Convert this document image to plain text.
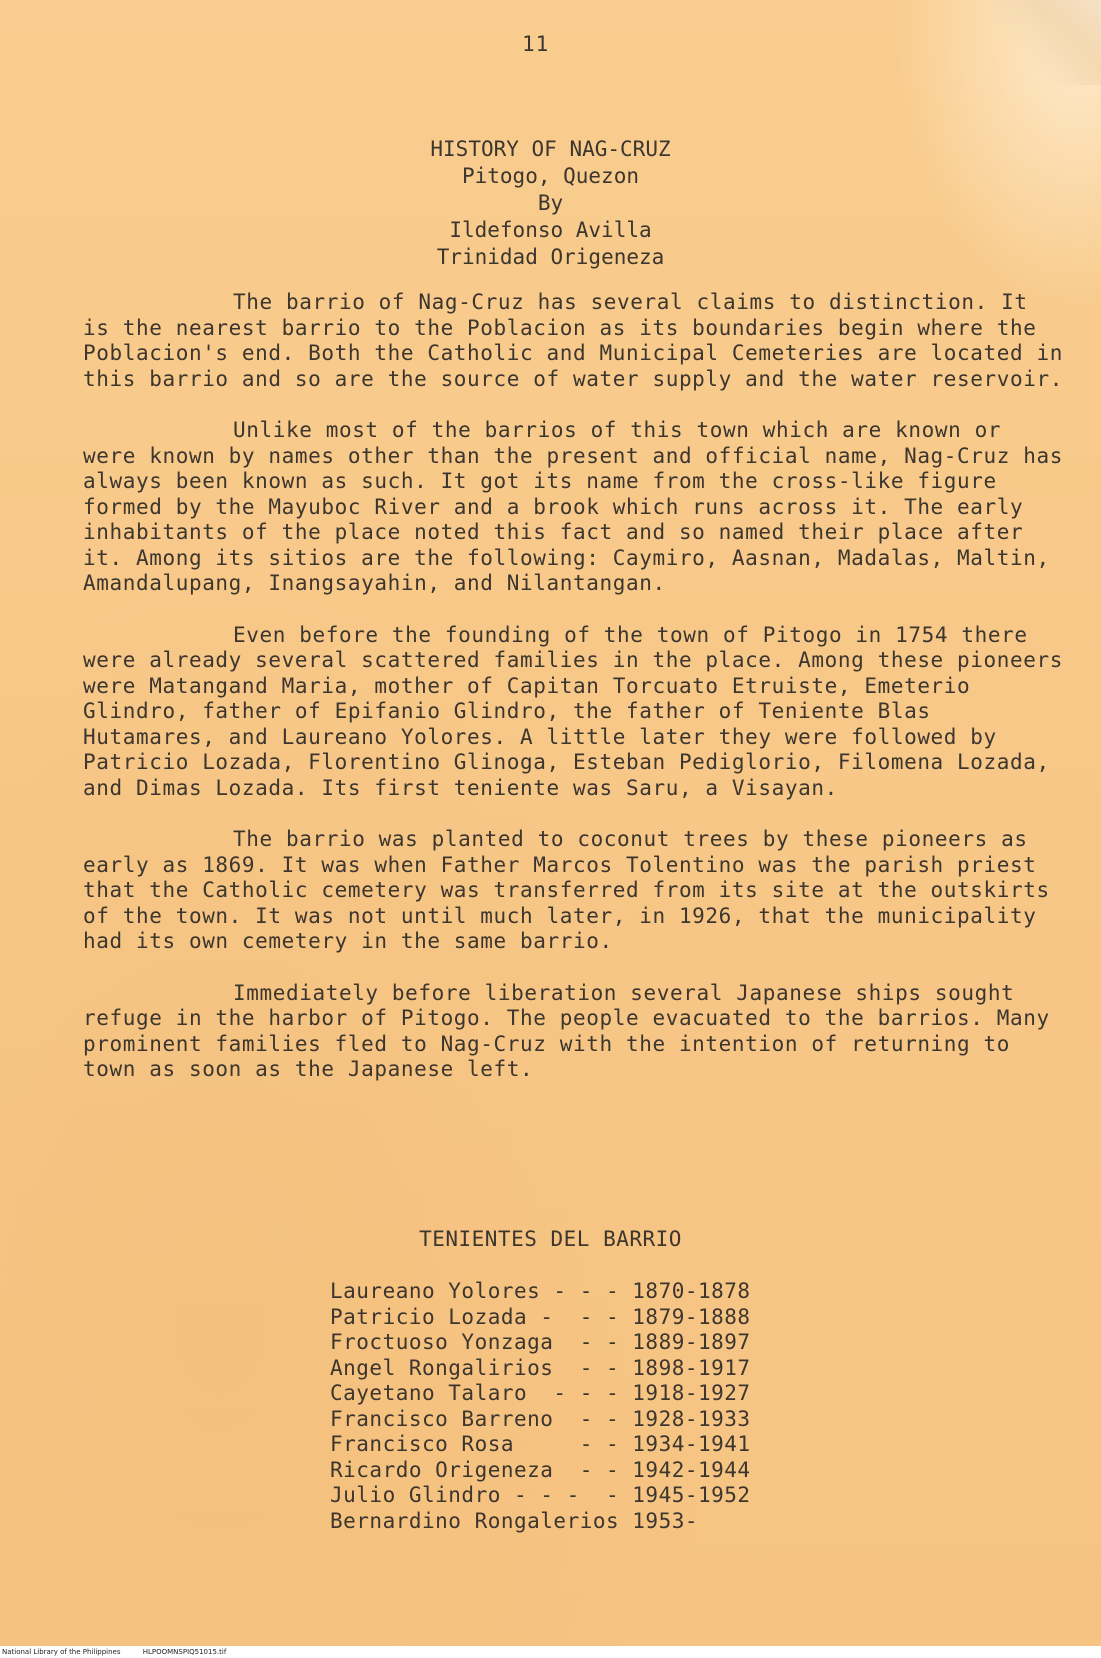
11
HISTORY OF NAG-CRUZ
Pitogo, Quezon
By
Ildefonso Avilla
Trinidad Origeneza

The barrio of Nag-Cruz has several claims to distinction. It is the nearest barrio to the Poblacion as its boundaries begin where the Poblacion's end. Both the Catholic and Municipal Cemeteries are located in this barrio and so are the source of water supply and the water reservoir.

Unlike most of the barrios of this town which are known or were known by names other than the present and official name, Nag-Cruz has always been known as such. It got its name from the cross-like figure formed by the Mayuboc River and a brook which runs across it. The early inhabitants of the place noted this fact and so named their place after it. Among its sitios are the following: Caymiro, Aasnan, Madalas, Maltin, Amandalupang, Inangsayahin, and Nilantangan.

Even before the founding of the town of Pitogo in 1754 there were already several scattered families in the place. Among these pioneers were Matangand Maria, mother of Capitan Torcuato Etruiste, Emeterio Glindro, father of Epifanio Glindro, the father of Teniente Blas Hutamares, and Laureano Yolores. A little later they were followed by Patricio Lozada, Florentino Glinoga, Esteban Pediglorio, Filomena Lozada, and Dimas Lozada. Its first teniente was Saru, a Visayan.

The barrio was planted to coconut trees by these pioneers as early as 1869. It was when Father Marcos Tolentino was the parish priest that the Catholic cemetery was transferred from its site at the outskirts of the town. It was not until much later, in 1926, that the municipality had its own cemetery in the same barrio.

Immediately before liberation several Japanese ships sought refuge in the harbor of Pitogo. The people evacuated to the barrios. Many prominent families fled to Nag-Cruz with the intention of returning to town as soon as the Japanese left.

TENIENTES DEL BARRIO
Laureano Yolores - - - 1870-1878
Patricio Lozada -  - - 1879-1888
Froctuoso Yonzaga  - - 1889-1897
Angel Rongalirios  - - 1898-1917
Cayetano Talaro  - - - 1918-1927
Francisco Barreno  - - 1928-1933
Francisco Rosa     - - 1934-1941
Ricardo Origeneza  - - 1942-1944
Julio Glindro - - -  - 1945-1952
Bernardino Rongalerios 1953-
National Library of the Philippines	HLPOOMNSPIQ51015.tif
